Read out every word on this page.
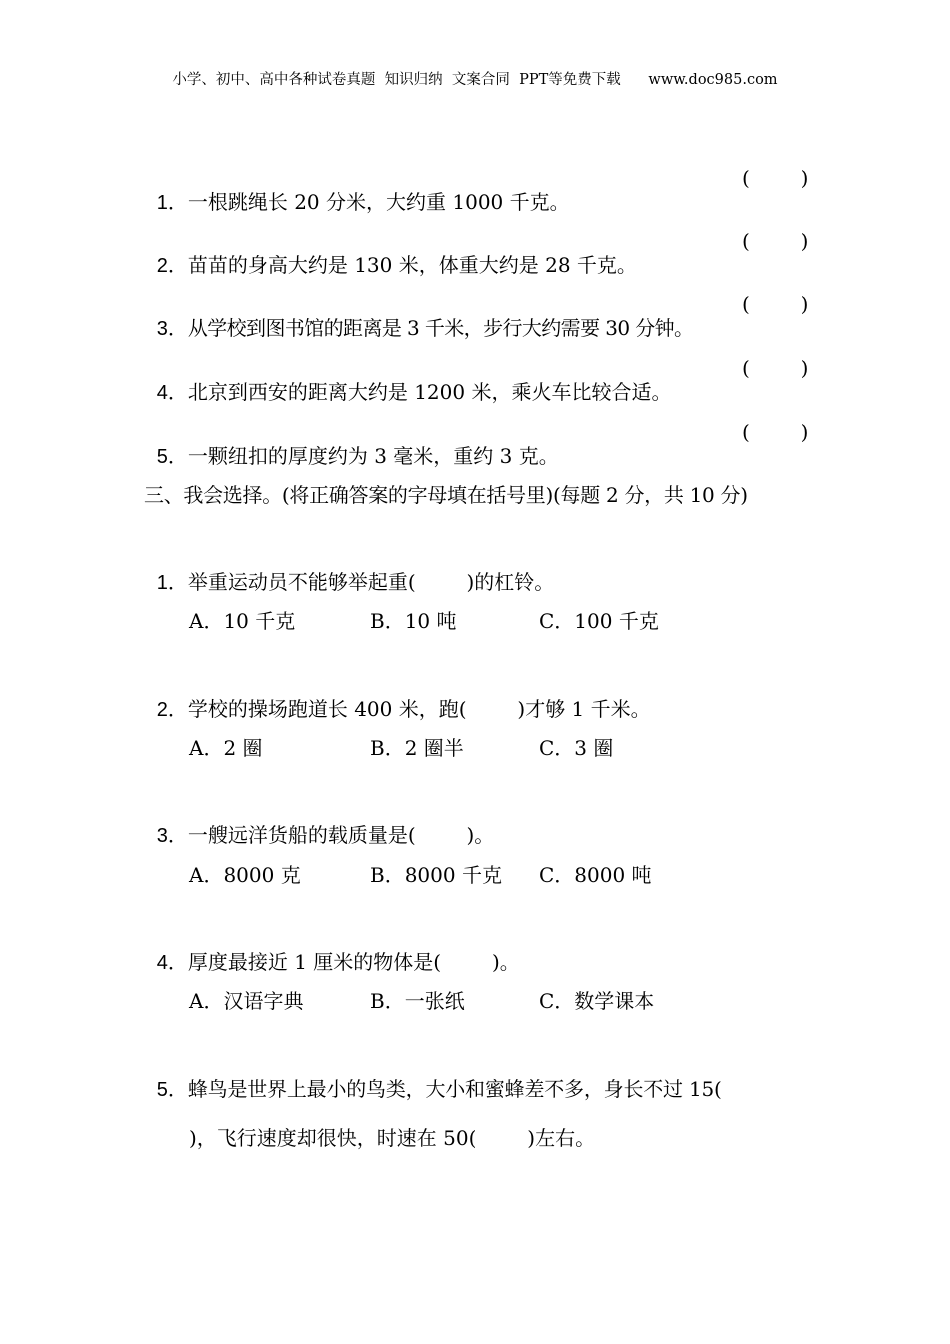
小学、初中、高中各种试卷真题  知识归纳  文案合同  PPT等免费下载      www.doc985.com

1．一根跳绳长 20 分米，大约重 1000 千克。

(        )

2．苗苗的身高大约是 130 米，体重大约是 28 千克。

(        )

3．从学校到图书馆的距离是 3 千米，步行大约需要 30 分钟。

(        )

4．北京到西安的距离大约是 1200 米，乘火车比较合适。

(        )

5．一颗纽扣的厚度约为 3 毫米，重约 3 克。

(        )
三、我会选择。(将正确答案的字母填在括号里)(每题 2 分，共 10 分)

1．举重运动员不能够举起重(        )的杠铃。

A．10 千克	B．10 吨	C．100 千克

2．学校的操场跑道长 400 米，跑(        )才够 1 千米。

A．2 圈	B．2 圈半	C．3 圈

3．一艘远洋货船的载质量是(        )。

A．8000 克	B．8000 千克 C．8000 吨

4．厚度最接近 1 厘米的物体是(        )。

A．汉语字典	B．一张纸	C．数学课本

5．蜂鸟是世界上最小的鸟类，大小和蜜蜂差不多，身长不过 15(

)，飞行速度却很快，时速在 50(        )左右。
